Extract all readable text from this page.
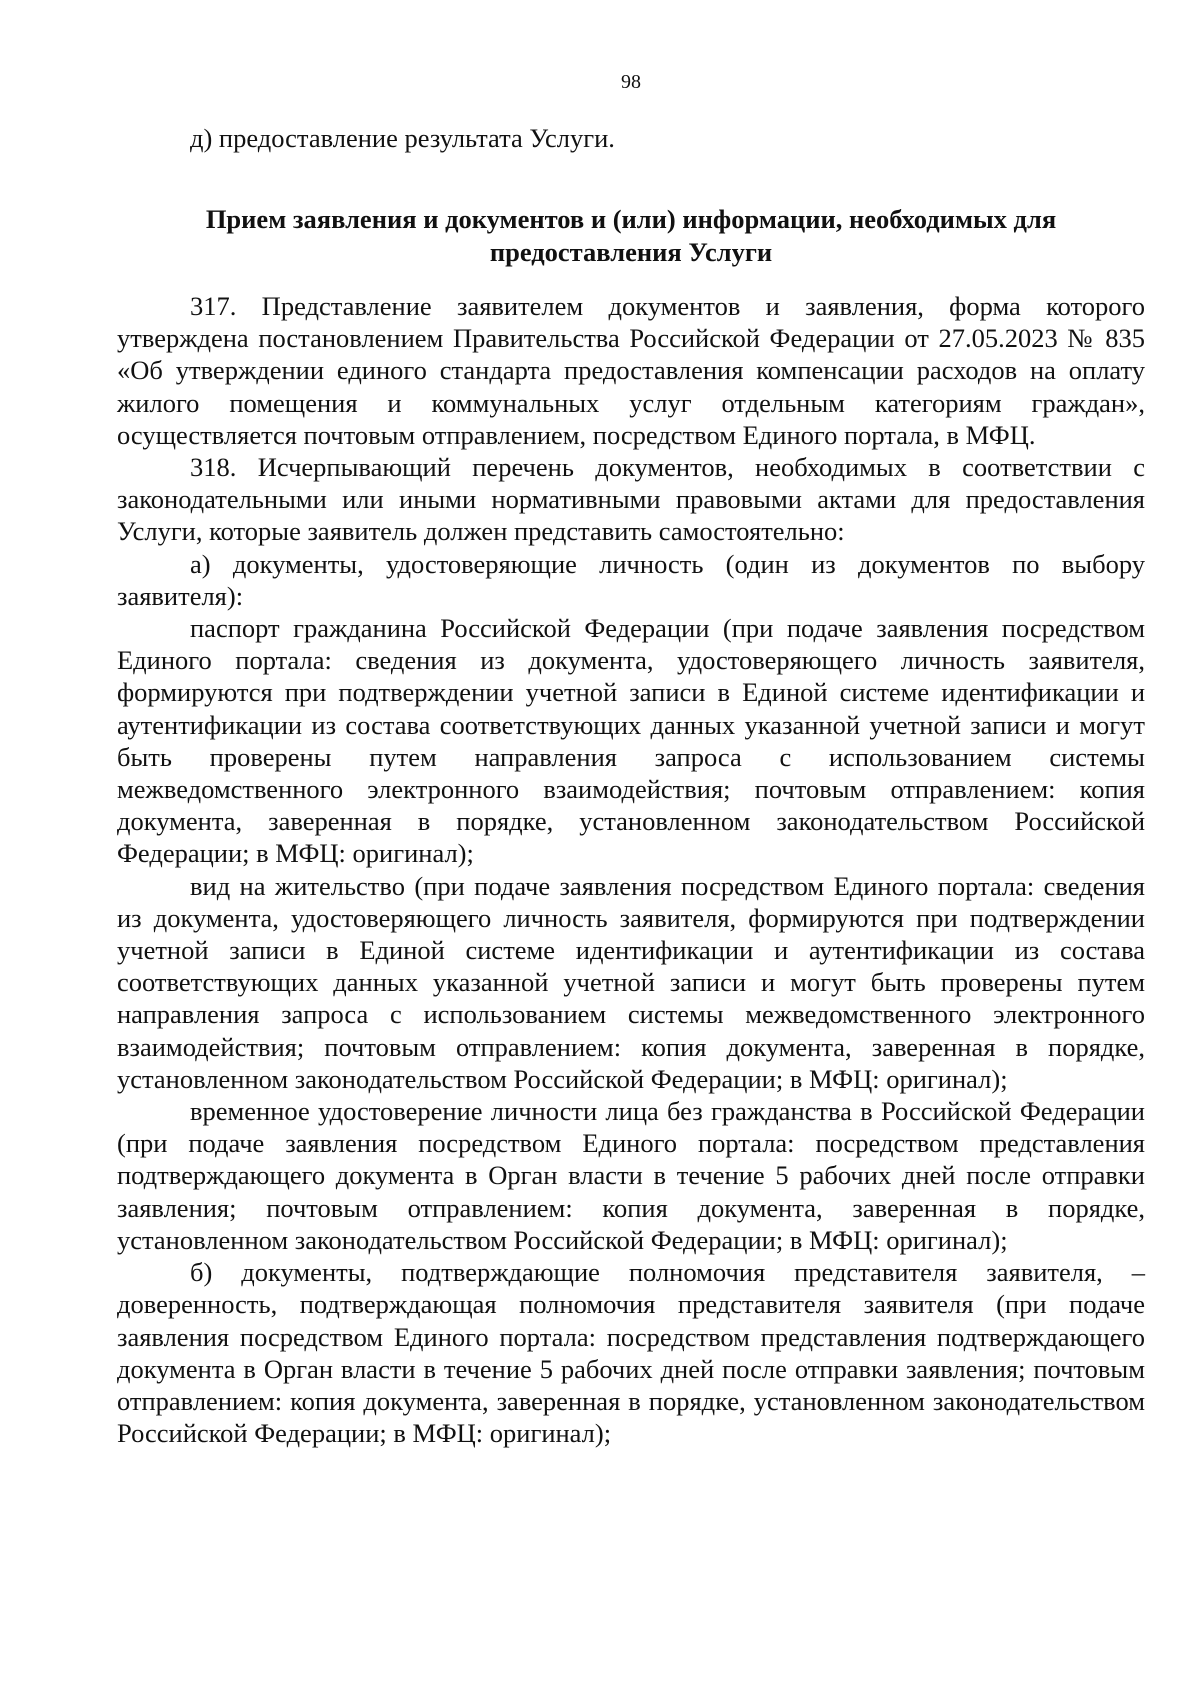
98
д) предоставление результата Услуги.
Прием заявления и документов и (или) информации, необходимых для
предоставления Услуги

317. Представление заявителем документов и заявления, форма которого утверждена постановлением Правительства Российской Федерации от 27.05.2023 № 835 «Об утверждении единого стандарта предоставления компенсации расходов на оплату жилого помещения и коммунальных услуг отдельным категориям граждан», осуществляется почтовым отправлением, посредством Единого портала, в МФЦ.

318. Исчерпывающий перечень документов, необходимых в соответствии с законодательными или иными нормативными правовыми актами для предоставления Услуги, которые заявитель должен представить самостоятельно:

а) документы, удостоверяющие личность (один из документов по выбору заявителя):

паспорт гражданина Российской Федерации (при подаче заявления посредством Единого портала: сведения из документа, удостоверяющего личность заявителя, формируются при подтверждении учетной записи в Единой системе идентификации и аутентификации из состава соответствующих данных указанной учетной записи и могут быть проверены путем направления запроса с использованием системы межведомственного электронного взаимодействия; почтовым отправлением: копия документа, заверенная в порядке, установленном законодательством Российской Федерации; в МФЦ: оригинал);

вид на жительство (при подаче заявления посредством Единого портала: сведения из документа, удостоверяющего личность заявителя, формируются при подтверждении учетной записи в Единой системе идентификации и аутентификации из состава соответствующих данных указанной учетной записи и могут быть проверены путем направления запроса с использованием системы межведомственного электронного взаимодействия; почтовым отправлением: копия документа, заверенная в порядке, установленном законодательством Российской Федерации; в МФЦ: оригинал);

временное удостоверение личности лица без гражданства в Российской Федерации (при подаче заявления посредством Единого портала: посредством представления подтверждающего документа в Орган власти в течение 5 рабочих дней после отправки заявления; почтовым отправлением: копия документа, заверенная в порядке, установленном законодательством Российской Федерации; в МФЦ: оригинал);

б) документы, подтверждающие полномочия представителя заявителя, – доверенность, подтверждающая полномочия представителя заявителя (при подаче заявления посредством Единого портала: посредством представления подтверждающего документа в Орган власти в течение 5 рабочих дней после отправки заявления; почтовым отправлением: копия документа, заверенная в порядке, установленном законодательством Российской Федерации; в МФЦ: оригинал);
